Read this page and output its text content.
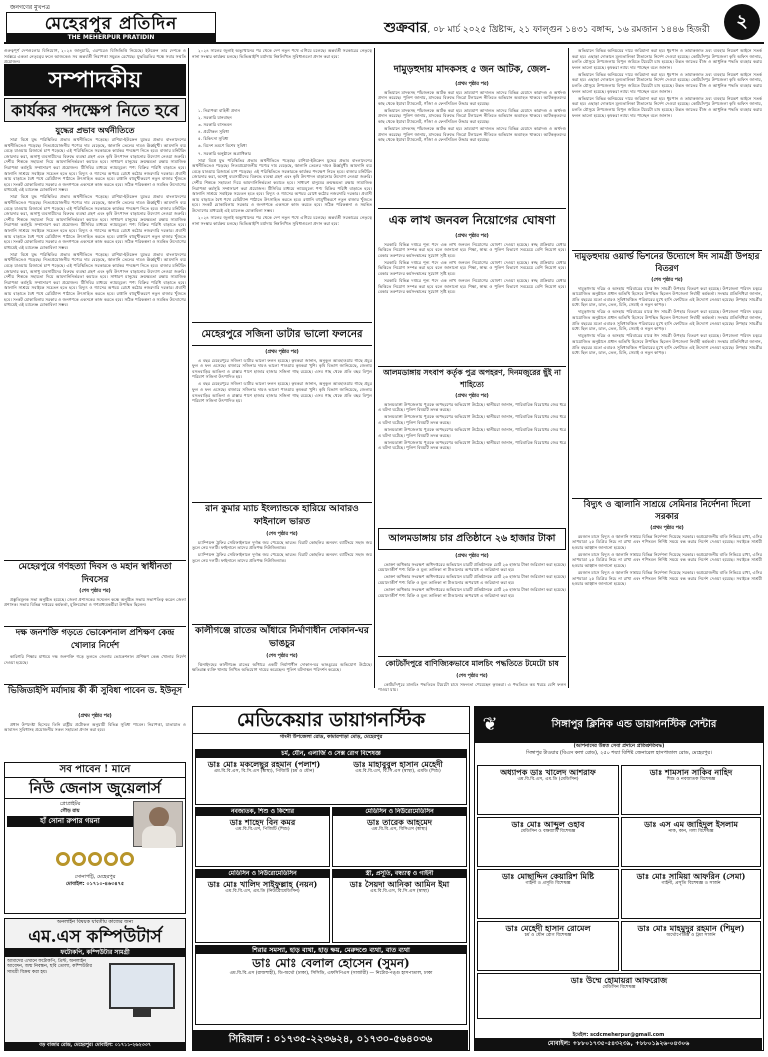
জনগণের মুখপত্র
মেহেরপুর প্রতিদিন
THE MEHERPUR PRATIDIN
শুক্রবার, ০৮ মার্চ ২০২৫ খ্রিষ্টাব্দ, ২১ ফাল্গুন ১৪৩১ বঙ্গাব্দ, ১৬ রমজান ১৪৪৬ হিজরী	২
গুরুত্বপূর্ণ দেশগুলোর বিনিয়োগ, ২০২৪ জানুয়ারি, এরপরেও বিজিভিত্তি নিয়েছে। ইউক্রেন তার দেশকে ও সর্বস্তরে একতা নেতৃত্বের ফলে আজকেও সব অন্তর্বর্তী নিরাপত্তা সমুন্নত রেখেছে। যুদ্ধবিরতির পক্ষে সবার সম্মতি প্রয়োজন।
সম্পাদকীয়
কার্যকর পদক্ষেপ নিতে হবে
যুদ্ধের প্রভাব অর্থনীতিতে

সারা বিশ্বে যুদ্ধ পরিস্থিতির প্রভাব অর্থনীতিতে পড়েছে। রাশিয়া-ইউক্রেন যুদ্ধের প্রভাব বাংলাদেশের অর্থনীতিতেও পড়েছে। নিত্যপ্রয়োজনীয় পণ্যের দাম বেড়েছে, জ্বালানি তেলের দামও ঊর্ধ্বমুখী। আমদানি ব্যয় বেড়ে যাওয়ায় রিজার্ভে চাপ পড়েছে। এই পরিস্থিতিতে সরকারকে কার্যকর পদক্ষেপ নিতে হবে। বাজার মনিটরিং জোরদার করা, অসাধু ব্যবসায়ীদের বিরুদ্ধে ব্যবস্থা গ্রহণ এবং কৃষি উৎপাদন বাড়ানোর উদ্যোগ নেওয়া জরুরি। দেশীয় শিল্পকে সহায়তা দিয়ে আমদানিনির্ভরতা কমাতে হবে। সাধারণ মানুষের ক্রয়ক্ষমতা রক্ষায় সামাজিক নিরাপত্তা কর্মসূচি সম্প্রসারণ করা প্রয়োজন। টিসিবির মাধ্যমে ন্যায্যমূল্যে পণ্য বিক্রির পরিধি বাড়াতে হবে। জ্বালানি সাশ্রয়ে সবাইকে সচেতন হতে হবে। বিদ্যুৎ ও গ্যাসের অপচয় রোধে কঠোর নজরদারি দরকার। প্রবাসী আয় বাড়াতে বৈধ পথে রেমিট্যান্স পাঠাতে উৎসাহিত করতে হবে। রপ্তানি বহুমুখীকরণে নতুন বাজার খুঁজতে হবে। সংকট মোকাবিলায় সরকার ও জনগণকে একসঙ্গে কাজ করতে হবে। সঠিক পরিকল্পনা ও সমন্বিত উদ্যোগের মাধ্যমেই এই চ্যালেঞ্জ মোকাবিলা সম্ভব।

সারা বিশ্বে যুদ্ধ পরিস্থিতির প্রভাব অর্থনীতিতে পড়েছে। রাশিয়া-ইউক্রেন যুদ্ধের প্রভাব বাংলাদেশের অর্থনীতিতেও পড়েছে। নিত্যপ্রয়োজনীয় পণ্যের দাম বেড়েছে, জ্বালানি তেলের দামও ঊর্ধ্বমুখী। আমদানি ব্যয় বেড়ে যাওয়ায় রিজার্ভে চাপ পড়েছে। এই পরিস্থিতিতে সরকারকে কার্যকর পদক্ষেপ নিতে হবে। বাজার মনিটরিং জোরদার করা, অসাধু ব্যবসায়ীদের বিরুদ্ধে ব্যবস্থা গ্রহণ এবং কৃষি উৎপাদন বাড়ানোর উদ্যোগ নেওয়া জরুরি। দেশীয় শিল্পকে সহায়তা দিয়ে আমদানিনির্ভরতা কমাতে হবে। সাধারণ মানুষের ক্রয়ক্ষমতা রক্ষায় সামাজিক নিরাপত্তা কর্মসূচি সম্প্রসারণ করা প্রয়োজন। টিসিবির মাধ্যমে ন্যায্যমূল্যে পণ্য বিক্রির পরিধি বাড়াতে হবে। জ্বালানি সাশ্রয়ে সবাইকে সচেতন হতে হবে। বিদ্যুৎ ও গ্যাসের অপচয় রোধে কঠোর নজরদারি দরকার। প্রবাসী আয় বাড়াতে বৈধ পথে রেমিট্যান্স পাঠাতে উৎসাহিত করতে হবে। রপ্তানি বহুমুখীকরণে নতুন বাজার খুঁজতে হবে। সংকট মোকাবিলায় সরকার ও জনগণকে একসঙ্গে কাজ করতে হবে। সঠিক পরিকল্পনা ও সমন্বিত উদ্যোগের মাধ্যমেই এই চ্যালেঞ্জ মোকাবিলা সম্ভব।

সারা বিশ্বে যুদ্ধ পরিস্থিতির প্রভাব অর্থনীতিতে পড়েছে। রাশিয়া-ইউক্রেন যুদ্ধের প্রভাব বাংলাদেশের অর্থনীতিতেও পড়েছে। নিত্যপ্রয়োজনীয় পণ্যের দাম বেড়েছে, জ্বালানি তেলের দামও ঊর্ধ্বমুখী। আমদানি ব্যয় বেড়ে যাওয়ায় রিজার্ভে চাপ পড়েছে। এই পরিস্থিতিতে সরকারকে কার্যকর পদক্ষেপ নিতে হবে। বাজার মনিটরিং জোরদার করা, অসাধু ব্যবসায়ীদের বিরুদ্ধে ব্যবস্থা গ্রহণ এবং কৃষি উৎপাদন বাড়ানোর উদ্যোগ নেওয়া জরুরি। দেশীয় শিল্পকে সহায়তা দিয়ে আমদানিনির্ভরতা কমাতে হবে। সাধারণ মানুষের ক্রয়ক্ষমতা রক্ষায় সামাজিক নিরাপত্তা কর্মসূচি সম্প্রসারণ করা প্রয়োজন। টিসিবির মাধ্যমে ন্যায্যমূল্যে পণ্য বিক্রির পরিধি বাড়াতে হবে। জ্বালানি সাশ্রয়ে সবাইকে সচেতন হতে হবে। বিদ্যুৎ ও গ্যাসের অপচয় রোধে কঠোর নজরদারি দরকার। প্রবাসী আয় বাড়াতে বৈধ পথে রেমিট্যান্স পাঠাতে উৎসাহিত করতে হবে। রপ্তানি বহুমুখীকরণে নতুন বাজার খুঁজতে হবে। সংকট মোকাবিলায় সরকার ও জনগণকে একসঙ্গে কাজ করতে হবে। সঠিক পরিকল্পনা ও সমন্বিত উদ্যোগের মাধ্যমেই এই চ্যালেঞ্জ মোকাবিলা সম্ভব।

মেহেরপুরে গণহত্যা দিবস ও মহান স্বাধীনতা দিবসের

(শেষ পৃষ্ঠার পর)

প্রস্তুতিমূলক সভা অনুষ্ঠিত হয়েছে। জেলা প্রশাসকের সম্মেলন কক্ষে অনুষ্ঠিত সভায় সভাপতিত্ব করেন জেলা প্রশাসক। সভায় বিভিন্ন দপ্তরের কর্মকর্তা, মুক্তিযোদ্ধা ও গণমাধ্যমকর্মীরা উপস্থিত ছিলেন।

দক্ষ জনশক্তি গড়তে ভোকেশনাল প্রশিক্ষণ কেন্দ্র খোলার নির্দেশ

কারিগরি শিক্ষার মাধ্যমে দক্ষ জনশক্তি গড়ে তুলতে জেলায় ভোকেশনাল প্রশিক্ষণ কেন্দ্র খোলার নির্দেশ দেওয়া হয়েছে।

ভিজিডাইপি মর্যাদায় কী কী সুবিধা পাবেন ড. ইউনূস

(প্রথম পৃষ্ঠার পর)

প্রধান উপদেষ্টা হিসেবে তিনি রাষ্ট্রীয় প্রটোকল অনুযায়ী বিভিন্ন সুবিধা পাবেন। নিরাপত্তা, যাতায়াত ও আবাসন সুবিধাসহ প্রয়োজনীয় সকল সহায়তা প্রদান করা হবে।

২০২৪ সালের জুলাই অভ্যুত্থানের পর থেকে দেশ নতুন পথে এগিয়ে চলেছে। অন্তর্বর্তী সরকারের নেতৃত্বে নানা সংস্কার কার্যক্রম চলছে। ভিভিআইপি মর্যাদায় নিম্নলিখিত সুবিধাগুলো প্রদান করা হবে:

১. নিরাপত্তা বাহিনী প্রদান

২. সরকারি যানবাহন

৩. সরকারি বাসভবন

৪. প্রটোকল সুবিধা

৫. চিকিৎসা সুবিধা

৬. বিদেশ ভ্রমণে বিশেষ সুবিধা

৭. সরকারি অনুষ্ঠানে অগ্রাধিকার

সারা বিশ্বে যুদ্ধ পরিস্থিতির প্রভাব অর্থনীতিতে পড়েছে। রাশিয়া-ইউক্রেন যুদ্ধের প্রভাব বাংলাদেশের অর্থনীতিতেও পড়েছে। নিত্যপ্রয়োজনীয় পণ্যের দাম বেড়েছে, জ্বালানি তেলের দামও ঊর্ধ্বমুখী। আমদানি ব্যয় বেড়ে যাওয়ায় রিজার্ভে চাপ পড়েছে। এই পরিস্থিতিতে সরকারকে কার্যকর পদক্ষেপ নিতে হবে। বাজার মনিটরিং জোরদার করা, অসাধু ব্যবসায়ীদের বিরুদ্ধে ব্যবস্থা গ্রহণ এবং কৃষি উৎপাদন বাড়ানোর উদ্যোগ নেওয়া জরুরি। দেশীয় শিল্পকে সহায়তা দিয়ে আমদানিনির্ভরতা কমাতে হবে। সাধারণ মানুষের ক্রয়ক্ষমতা রক্ষায় সামাজিক নিরাপত্তা কর্মসূচি সম্প্রসারণ করা প্রয়োজন। টিসিবির মাধ্যমে ন্যায্যমূল্যে পণ্য বিক্রির পরিধি বাড়াতে হবে। জ্বালানি সাশ্রয়ে সবাইকে সচেতন হতে হবে। বিদ্যুৎ ও গ্যাসের অপচয় রোধে কঠোর নজরদারি দরকার। প্রবাসী আয় বাড়াতে বৈধ পথে রেমিট্যান্স পাঠাতে উৎসাহিত করতে হবে। রপ্তানি বহুমুখীকরণে নতুন বাজার খুঁজতে হবে। সংকট মোকাবিলায় সরকার ও জনগণকে একসঙ্গে কাজ করতে হবে। সঠিক পরিকল্পনা ও সমন্বিত উদ্যোগের মাধ্যমেই এই চ্যালেঞ্জ মোকাবিলা সম্ভব।

২০২৪ সালের জুলাই অভ্যুত্থানের পর থেকে দেশ নতুন পথে এগিয়ে চলেছে। অন্তর্বর্তী সরকারের নেতৃত্বে নানা সংস্কার কার্যক্রম চলছে। ভিভিআইপি মর্যাদায় নিম্নলিখিত সুবিধাগুলো প্রদান করা হবে:

মেহেরপুরে সজিনা ডাটার ভালো ফলনের

(প্রথম পৃষ্ঠার পর)

এ বছর মেহেরপুরে সজিনা ডাটার ভালো ফলন হয়েছে। কৃষকরা জানান, অনুকূল আবহাওয়ায় গাছে প্রচুর ফুল ও ফল এসেছে। বাজারে সজিনার দামও ভালো পাওয়ায় কৃষকরা খুশি। কৃষি বিভাগ জানিয়েছে, জেলায় বসতবাড়ির আঙিনা ও রাস্তার পাশে হাজার হাজার সজিনা গাছ রয়েছে। এসব গাছ থেকে প্রতি বছর বিপুল পরিমাণ সজিনা উৎপাদিত হয়।

এ বছর মেহেরপুরে সজিনা ডাটার ভালো ফলন হয়েছে। কৃষকরা জানান, অনুকূল আবহাওয়ায় গাছে প্রচুর ফুল ও ফল এসেছে। বাজারে সজিনার দামও ভালো পাওয়ায় কৃষকরা খুশি। কৃষি বিভাগ জানিয়েছে, জেলায় বসতবাড়ির আঙিনা ও রাস্তার পাশে হাজার হাজার সজিনা গাছ রয়েছে। এসব গাছ থেকে প্রতি বছর বিপুল পরিমাণ সজিনা উৎপাদিত হয়।

রান কুমার ম্যাচ ইংল্যান্ডকে হারিয়ে আবারও ফাইনালে ভারত

(শেষ পৃষ্ঠার পর)

চ্যাম্পিয়ন্স ট্রফির সেমিফাইনালে দুর্দান্ত জয় পেয়েছে ভারত। বিরাট কোহলির অনবদ্য ব্যাটিংয়ে সহজ জয় তুলে নেয় দলটি। ফাইনালে তাদের প্রতিপক্ষ নিউজিল্যান্ড।

চ্যাম্পিয়ন্স ট্রফির সেমিফাইনালে দুর্দান্ত জয় পেয়েছে ভারত। বিরাট কোহলির অনবদ্য ব্যাটিংয়ে সহজ জয় তুলে নেয় দলটি। ফাইনালে তাদের প্রতিপক্ষ নিউজিল্যান্ড।

কালীগঞ্জে রাতের আঁধারে নির্মাণাধীন দোকান-ঘর ভাঙচুর

(শেষ পৃষ্ঠার পর)

ঝিনাইদহের কালীগঞ্জে রাতের আঁধারে একটি নির্মাণাধীন দোকান-ঘর ভাঙচুরের অভিযোগ উঠেছে। ক্ষতিগ্রস্ত ব্যক্তি থানায় লিখিত অভিযোগ দায়ের করেছেন। পুলিশ ঘটনাস্থল পরিদর্শন করেছে।

দামুড়হুদায় মাদকসহ ৫ জন আটক, জেল-

(প্রথম পৃষ্ঠার পর)

অভিযানে মাদকসহ পাঁচজনকে আটক করা হয়। ভ্রাম্যমাণ আদালত তাদের বিভিন্ন মেয়াদে কারাদণ্ড ও অর্থদণ্ড প্রদান করেছে। পুলিশ জানায়, মাদকের বিরুদ্ধে জিরো টলারেন্স নীতিতে অভিযান অব্যাহত থাকবে। আটককৃতদের কাছ থেকে ইয়াবা ট্যাবলেট, গাঁজা ও ফেনসিডিল উদ্ধার করা হয়েছে।

অভিযানে মাদকসহ পাঁচজনকে আটক করা হয়। ভ্রাম্যমাণ আদালত তাদের বিভিন্ন মেয়াদে কারাদণ্ড ও অর্থদণ্ড প্রদান করেছে। পুলিশ জানায়, মাদকের বিরুদ্ধে জিরো টলারেন্স নীতিতে অভিযান অব্যাহত থাকবে। আটককৃতদের কাছ থেকে ইয়াবা ট্যাবলেট, গাঁজা ও ফেনসিডিল উদ্ধার করা হয়েছে।

অভিযানে মাদকসহ পাঁচজনকে আটক করা হয়। ভ্রাম্যমাণ আদালত তাদের বিভিন্ন মেয়াদে কারাদণ্ড ও অর্থদণ্ড প্রদান করেছে। পুলিশ জানায়, মাদকের বিরুদ্ধে জিরো টলারেন্স নীতিতে অভিযান অব্যাহত থাকবে। আটককৃতদের কাছ থেকে ইয়াবা ট্যাবলেট, গাঁজা ও ফেনসিডিল উদ্ধার করা হয়েছে।

এক লাখ জনবল নিয়োগের ঘোষণা

(প্রথম পৃষ্ঠার পর)

সরকারি বিভিন্ন দপ্তরে শূন্য পদে এক লাখ জনবল নিয়োগের ঘোষণা দেওয়া হয়েছে। স্বচ্ছ প্রক্রিয়ায় মেধার ভিত্তিতে নিয়োগ সম্পন্ন করা হবে বলে জানানো হয়। শিক্ষা, স্বাস্থ্য ও পুলিশ বিভাগে সবচেয়ে বেশি নিয়োগ হবে। বেকার তরুণদের কর্মসংস্থানের সুযোগ সৃষ্টি হবে।

সরকারি বিভিন্ন দপ্তরে শূন্য পদে এক লাখ জনবল নিয়োগের ঘোষণা দেওয়া হয়েছে। স্বচ্ছ প্রক্রিয়ায় মেধার ভিত্তিতে নিয়োগ সম্পন্ন করা হবে বলে জানানো হয়। শিক্ষা, স্বাস্থ্য ও পুলিশ বিভাগে সবচেয়ে বেশি নিয়োগ হবে। বেকার তরুণদের কর্মসংস্থানের সুযোগ সৃষ্টি হবে।

সরকারি বিভিন্ন দপ্তরে শূন্য পদে এক লাখ জনবল নিয়োগের ঘোষণা দেওয়া হয়েছে। স্বচ্ছ প্রক্রিয়ায় মেধার ভিত্তিতে নিয়োগ সম্পন্ন করা হবে বলে জানানো হয়। শিক্ষা, স্বাস্থ্য ও পুলিশ বিভাগে সবচেয়ে বেশি নিয়োগ হবে। বেকার তরুণদের কর্মসংস্থানের সুযোগ সৃষ্টি হবে।

আলমডাঙ্গায় সৎবাপ কর্তৃক পুত্র অপহরণ, দিনমজুরের ছুঁই না শাহিত্যে

(প্রথম পৃষ্ঠার পর)

আলমডাঙ্গা উপজেলায় পুত্রকে অপহরণের অভিযোগ উঠেছে। স্থানীয়রা জানান, পারিবারিক বিরোধের জের ধরে এ ঘটনা ঘটেছে। পুলিশ বিষয়টি তদন্ত করছে।

আলমডাঙ্গা উপজেলায় পুত্রকে অপহরণের অভিযোগ উঠেছে। স্থানীয়রা জানান, পারিবারিক বিরোধের জের ধরে এ ঘটনা ঘটেছে। পুলিশ বিষয়টি তদন্ত করছে।

আলমডাঙ্গা উপজেলায় পুত্রকে অপহরণের অভিযোগ উঠেছে। স্থানীয়রা জানান, পারিবারিক বিরোধের জের ধরে এ ঘটনা ঘটেছে। পুলিশ বিষয়টি তদন্ত করছে।

আলমডাঙ্গা উপজেলায় পুত্রকে অপহরণের অভিযোগ উঠেছে। স্থানীয়রা জানান, পারিবারিক বিরোধের জের ধরে এ ঘটনা ঘটেছে। পুলিশ বিষয়টি তদন্ত করছে।

আলমডাঙ্গায় চার প্রতিষ্ঠানে ২৬ হাজার টাকা

(প্রথম পৃষ্ঠার পর)

ভোক্তা অধিকার সংরক্ষণ অধিদপ্তরের অভিযানে চারটি প্রতিষ্ঠানকে মোট ২৬ হাজার টাকা জরিমানা করা হয়েছে। মেয়াদোত্তীর্ণ পণ্য বিক্রি ও মূল্য তালিকা না টাঙানোর অপরাধে এ জরিমানা করা হয়।

ভোক্তা অধিকার সংরক্ষণ অধিদপ্তরের অভিযানে চারটি প্রতিষ্ঠানকে মোট ২৬ হাজার টাকা জরিমানা করা হয়েছে। মেয়াদোত্তীর্ণ পণ্য বিক্রি ও মূল্য তালিকা না টাঙানোর অপরাধে এ জরিমানা করা হয়।

ভোক্তা অধিকার সংরক্ষণ অধিদপ্তরের অভিযানে চারটি প্রতিষ্ঠানকে মোট ২৬ হাজার টাকা জরিমানা করা হয়েছে। মেয়াদোত্তীর্ণ পণ্য বিক্রি ও মূল্য তালিকা না টাঙানোর অপরাধে এ জরিমানা করা হয়।

কোটচাঁদপুরে বাণিজ্যিকভাবে মালচিং পদ্ধতিতে টমেটো চাষ

(শেষ পৃষ্ঠার পর)

কোটচাঁদপুরে মালচিং পদ্ধতিতে টমেটো চাষে সফলতা পেয়েছেন কৃষকরা। এ পদ্ধতিতে কম খরচে বেশি ফলন পাওয়া যায়।

অভিযানে বিভিন্ন অনিয়মের দায়ে জরিমানা করা হয়। ধূমপান ও তামাকজাত দ্রব্য ব্যবহার নিয়ন্ত্রণ আইনে সতর্ক করা হয়। এছাড়া দোকানে মূল্যতালিকা টাঙানোর নির্দেশ দেওয়া হয়েছে। কোটচাঁদপুর উপজেলা কৃষি অফিস জানায়, চলতি মৌসুমে উপজেলায় বিপুল জমিতে টমেটো চাষ হয়েছে। উন্নত জাতের বীজ ও আধুনিক পদ্ধতি ব্যবহার করায় ফলন ভালো হয়েছে। কৃষকরা ন্যায্য দাম পাচ্ছেন বলে জানান।

অভিযানে বিভিন্ন অনিয়মের দায়ে জরিমানা করা হয়। ধূমপান ও তামাকজাত দ্রব্য ব্যবহার নিয়ন্ত্রণ আইনে সতর্ক করা হয়। এছাড়া দোকানে মূল্যতালিকা টাঙানোর নির্দেশ দেওয়া হয়েছে। কোটচাঁদপুর উপজেলা কৃষি অফিস জানায়, চলতি মৌসুমে উপজেলায় বিপুল জমিতে টমেটো চাষ হয়েছে। উন্নত জাতের বীজ ও আধুনিক পদ্ধতি ব্যবহার করায় ফলন ভালো হয়েছে। কৃষকরা ন্যায্য দাম পাচ্ছেন বলে জানান।

অভিযানে বিভিন্ন অনিয়মের দায়ে জরিমানা করা হয়। ধূমপান ও তামাকজাত দ্রব্য ব্যবহার নিয়ন্ত্রণ আইনে সতর্ক করা হয়। এছাড়া দোকানে মূল্যতালিকা টাঙানোর নির্দেশ দেওয়া হয়েছে। কোটচাঁদপুর উপজেলা কৃষি অফিস জানায়, চলতি মৌসুমে উপজেলায় বিপুল জমিতে টমেটো চাষ হয়েছে। উন্নত জাতের বীজ ও আধুনিক পদ্ধতি ব্যবহার করায় ফলন ভালো হয়েছে। কৃষকরা ন্যায্য দাম পাচ্ছেন বলে জানান।

দামুড়হুদায় ওয়ার্ল্ড ভিশনের উদ্যোগে ঈদ সামগ্রী উপহার বিতরণ

(শেষ পৃষ্ঠার পর)

দামুড়হুদায় দরিদ্র ও অসহায় পরিবারের মাঝে ঈদ সামগ্রী উপহার বিতরণ করা হয়েছে। উপজেলা পরিষদ চত্বরে আয়োজিত অনুষ্ঠানে প্রধান অতিথি হিসেবে উপস্থিত ছিলেন উপজেলা নির্বাহী কর্মকর্তা। সংস্থার প্রতিনিধিরা জানান, প্রতি বছরের মতো এবারও সুবিধাবঞ্চিত পরিবারের মুখে হাসি ফোটাতে এই উদ্যোগ নেওয়া হয়েছে। উপহার সামগ্রীর মধ্যে ছিল চাল, ডাল, তেল, চিনি, সেমাই ও নতুন কাপড়।

দামুড়হুদায় দরিদ্র ও অসহায় পরিবারের মাঝে ঈদ সামগ্রী উপহার বিতরণ করা হয়েছে। উপজেলা পরিষদ চত্বরে আয়োজিত অনুষ্ঠানে প্রধান অতিথি হিসেবে উপস্থিত ছিলেন উপজেলা নির্বাহী কর্মকর্তা। সংস্থার প্রতিনিধিরা জানান, প্রতি বছরের মতো এবারও সুবিধাবঞ্চিত পরিবারের মুখে হাসি ফোটাতে এই উদ্যোগ নেওয়া হয়েছে। উপহার সামগ্রীর মধ্যে ছিল চাল, ডাল, তেল, চিনি, সেমাই ও নতুন কাপড়।

দামুড়হুদায় দরিদ্র ও অসহায় পরিবারের মাঝে ঈদ সামগ্রী উপহার বিতরণ করা হয়েছে। উপজেলা পরিষদ চত্বরে আয়োজিত অনুষ্ঠানে প্রধান অতিথি হিসেবে উপস্থিত ছিলেন উপজেলা নির্বাহী কর্মকর্তা। সংস্থার প্রতিনিধিরা জানান, প্রতি বছরের মতো এবারও সুবিধাবঞ্চিত পরিবারের মুখে হাসি ফোটাতে এই উদ্যোগ নেওয়া হয়েছে। উপহার সামগ্রীর মধ্যে ছিল চাল, ডাল, তেল, চিনি, সেমাই ও নতুন কাপড়।

বিদ্যুৎ ও জ্বালানি সাশ্রয়ে সেমিনার নির্দেশনা দিলো সরকার

(প্রথম পৃষ্ঠার পর)

রমজান মাসে বিদ্যুৎ ও জ্বালানি সাশ্রয়ে বিভিন্ন নির্দেশনা দিয়েছে সরকার। অপ্রয়োজনীয় বাতি নিভিয়ে রাখা, এসির তাপমাত্রা ২৫ ডিগ্রির নিচে না রাখা এবং শপিংমল নির্দিষ্ট সময়ে বন্ধ করার নির্দেশ দেওয়া হয়েছে। সবাইকে সাশ্রয়ী হওয়ার আহ্বান জানানো হয়েছে।

রমজান মাসে বিদ্যুৎ ও জ্বালানি সাশ্রয়ে বিভিন্ন নির্দেশনা দিয়েছে সরকার। অপ্রয়োজনীয় বাতি নিভিয়ে রাখা, এসির তাপমাত্রা ২৫ ডিগ্রির নিচে না রাখা এবং শপিংমল নির্দিষ্ট সময়ে বন্ধ করার নির্দেশ দেওয়া হয়েছে। সবাইকে সাশ্রয়ী হওয়ার আহ্বান জানানো হয়েছে।

রমজান মাসে বিদ্যুৎ ও জ্বালানি সাশ্রয়ে বিভিন্ন নির্দেশনা দিয়েছে সরকার। অপ্রয়োজনীয় বাতি নিভিয়ে রাখা, এসির তাপমাত্রা ২৫ ডিগ্রির নিচে না রাখা এবং শপিংমল নির্দিষ্ট সময়ে বন্ধ করার নির্দেশ দেওয়া হয়েছে। সবাইকে সাশ্রয়ী হওয়ার আহ্বান জানানো হয়েছে।

সব পাবেন ! মানে
নিউ জেনাস জুয়েলার্স
প্রোপ্রাইটর
গৌড় রায়
হাঁ সোনা রুপার গয়না
সোনাপট্টি, মেহেরপুর
মোবাইল: ০১৭১০-৪৬৩৪৭৫
অনলাইন বিষয়ক যাবতীয় কাজের জন্য
এম.এস কম্পিউটার্স
ফটোকপি, কম্পিউটার সামগ্রী
আমাদের এখানে ফটোকপি, প্রিন্ট, অনলাইন আবেদন, জন্ম নিবন্ধন, ছবি তোলা, কম্পিউটার সামগ্রী বিক্রয় করা হয়।
বড় বাজার রোড, মেহেরপুর। মোবাইল: ০১৭১১-২৬২৩৩৭
মেডিকেয়ার ডায়াগনস্টিক
গাংনী উপজেলা রোড, কামারপাড়া মোড়, মেহেরপুর
চর্ম, যৌন, এলার্জি ও সেক্স রোগ বিশেষজ্ঞ
ডাঃ মোঃ মকলেছুর রহমান (পলাশ)
এম.বি.বি.এস, বি.সি.এস (স্বাস্থ্য), পিজিটি (চর্ম ও যৌন)
ডাঃ মাহাবুবুল হাসান মেহেদী
এম.বি.বি.এস, বি.সি.এস (স্বাস্থ্য), এমডি (শিশু)
নবজাতক, শিশু ও কিশোর
ডাঃ শাহেদ বিন কমর
এম.বি.বি.এস, পিজিটি (শিশু)
মেডিসিন ও নিউরোমেডিসিন
ডাঃ তারেক আহমেদ
এম.বি.বি.এস, বিসিএস (স্বাস্থ্য)
মেডিসিন ও নিউরোমেডিসিন
ডাঃ মোঃ খালিদ সাইফুল্লাহ (নয়ন)
এম.বি.বি.এস, এম.ডি (নিউরোমেডিসিন)
স্ত্রী, প্রসূতি, বন্ধ্যাত্ব ও গাইনী
ডাঃ সৈয়দা আনিকা আমিন ইমা
এম.বি.বি.এস, বি.সি.এস (স্বাস্থ্য)
শিরার সমস্যা, হাড় ব্যথা, হাড় ক্ষয়, মেরুদণ্ডে ব্যথা, বাত ব্যথা
ডাঃ মোঃ বেলাল হোসেন (সুমন)
এম.বি.বি.এস (রাজশাহী), ডি-অর্থো (ঢাকা), সিসিডি, এফসিপিএস (সার্জারী) — নিটোর-পঙ্গু হাসপাতাল, ঢাকা
সিরিয়াল : ০১৭৩৫-২২৩৬২৪, ০১৭৩০-৫৬৪০৩৬
❦	সিঙ্গাপুর ক্লিনিক এন্ড ডায়াগনস্টিক সেন্টার
(আপনাদের উন্নত সেবা প্রদানে প্রতিশ্রুতিবদ্ধ)
সিঙ্গাপুর টাওয়ার (বিএস কলা রোড), ২৫০ শয্যা বিশিষ্ট জেনারেল হাসপাতাল রোড, মেহেরপুর।
অধ্যাপক ডাঃ খালেদ আশরাফ
এম.বি.বি.এস, এম.ডি (মেডিসিন)
ডাঃ শামসান সাকিব নাহিদ
শিশু ও নবজাতক বিশেষজ্ঞ
ডাঃ মোঃ আব্দুল ওহাব
মেডিসিন ও বক্ষব্যাধি বিশেষজ্ঞ
ডাঃ এস এম জাহিদুল ইসলাম
নাক, কান, গলা বিশেষজ্ঞ
ডাঃ মোছাদ্দিন কেয়ারিশ মিষ্টি
গাইনী ও প্রসূতি বিশেষজ্ঞ
ডাঃ মোঃ সামিয়া আফরিন (সেমা)
গাইনী, প্রসূতি বিশেষজ্ঞ ও সার্জন
ডাঃ মেহেদী হাসান রোমেল
চর্ম ও যৌন রোগ বিশেষজ্ঞ
ডাঃ মোঃ মাহমুদুর রহমান (শিমুল)
অর্থোপেডিক্স ও ট্রমা সার্জন
ডাঃ উম্মে হোমায়রা আফরোজ
মেডিসিন বিশেষজ্ঞ
ইমেইল: scdcmeherpur@gmail.com
মোবাইল: +৮৮০১৭৩৫-৫৪৩২৩৯, +৮৮০১৯২৬-০৪৩০৬
